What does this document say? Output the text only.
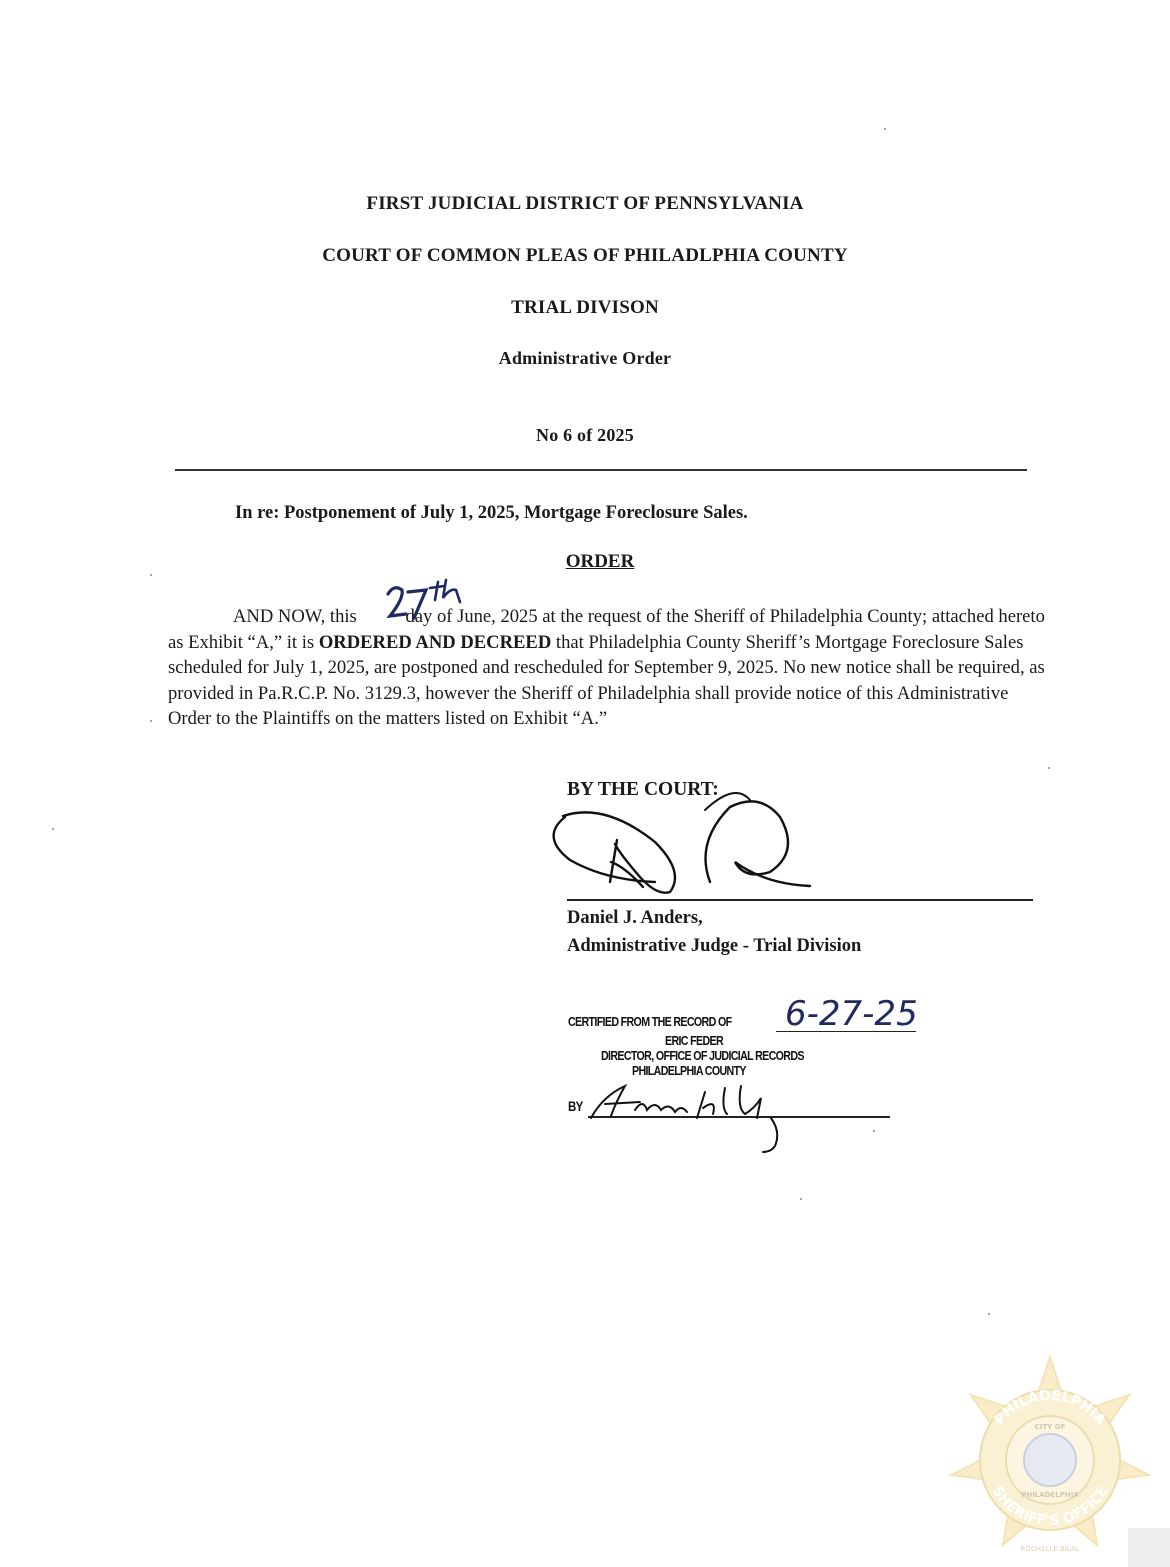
FIRST JUDICIAL DISTRICT OF PENNSYLVANIA
COURT OF COMMON PLEAS OF PHILADLPHIA COUNTY
TRIAL DIVISON
Administrative Order
No 6 of 2025
In re: Postponement of July 1, 2025, Mortgage Foreclosure Sales.
ORDER
AND NOW, this	day of June, 2025 at the request of the Sheriff of Philadelphia County; attached hereto as Exhibit “A,” it is ORDERED AND DECREED that Philadelphia County Sheriff’s Mortgage Foreclosure Sales scheduled for July 1, 2025, are postponed and rescheduled for September 9, 2025. No new notice shall be required, as provided in Pa.R.C.P. No. 3129.3, however the Sheriff of Philadelphia shall provide notice of this Administrative Order to the Plaintiffs on the matters listed on Exhibit “A.”
BY THE COURT:
Daniel J. Anders,
Administrative Judge - Trial Division
CERTIFIED FROM THE RECORD OF 6-27-25
ERIC FEDER
DIRECTOR, OFFICE OF JUDICIAL RECORDS
PHILADELPHIA COUNTY
BY
PHILADELPHIA
SHERIFF'S OFFICE
CITY OF
PHILADELPHIA
ROCHELLE BILAL
